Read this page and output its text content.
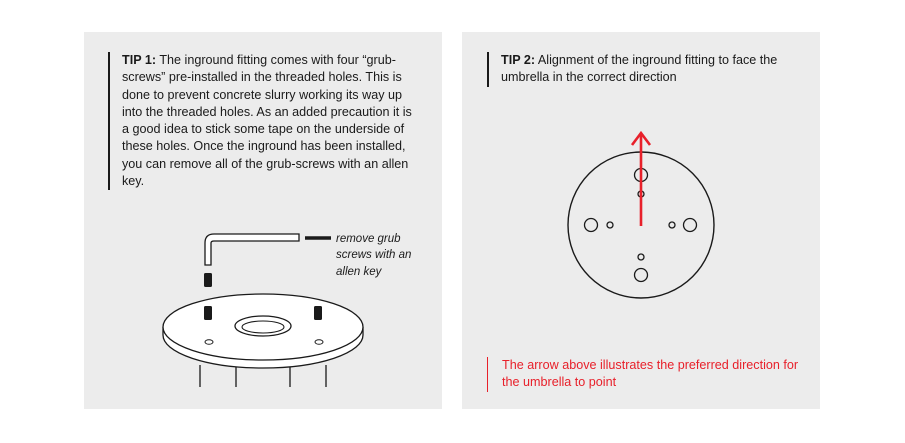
TIP 1: The inground fitting comes with four “grub-screws” pre-installed in the threaded holes. This is done to prevent concrete slurry working its way up into the threaded holes. As an added precaution it is a good idea to stick some tape on the underside of these holes. Once the inground has been installed, you can remove all of the grub-screws with an allen key.
remove grub screws with an allen key
TIP 2: Alignment of the inground fitting to face the umbrella in the correct direction
The arrow above illustrates the preferred direction for the umbrella to point
